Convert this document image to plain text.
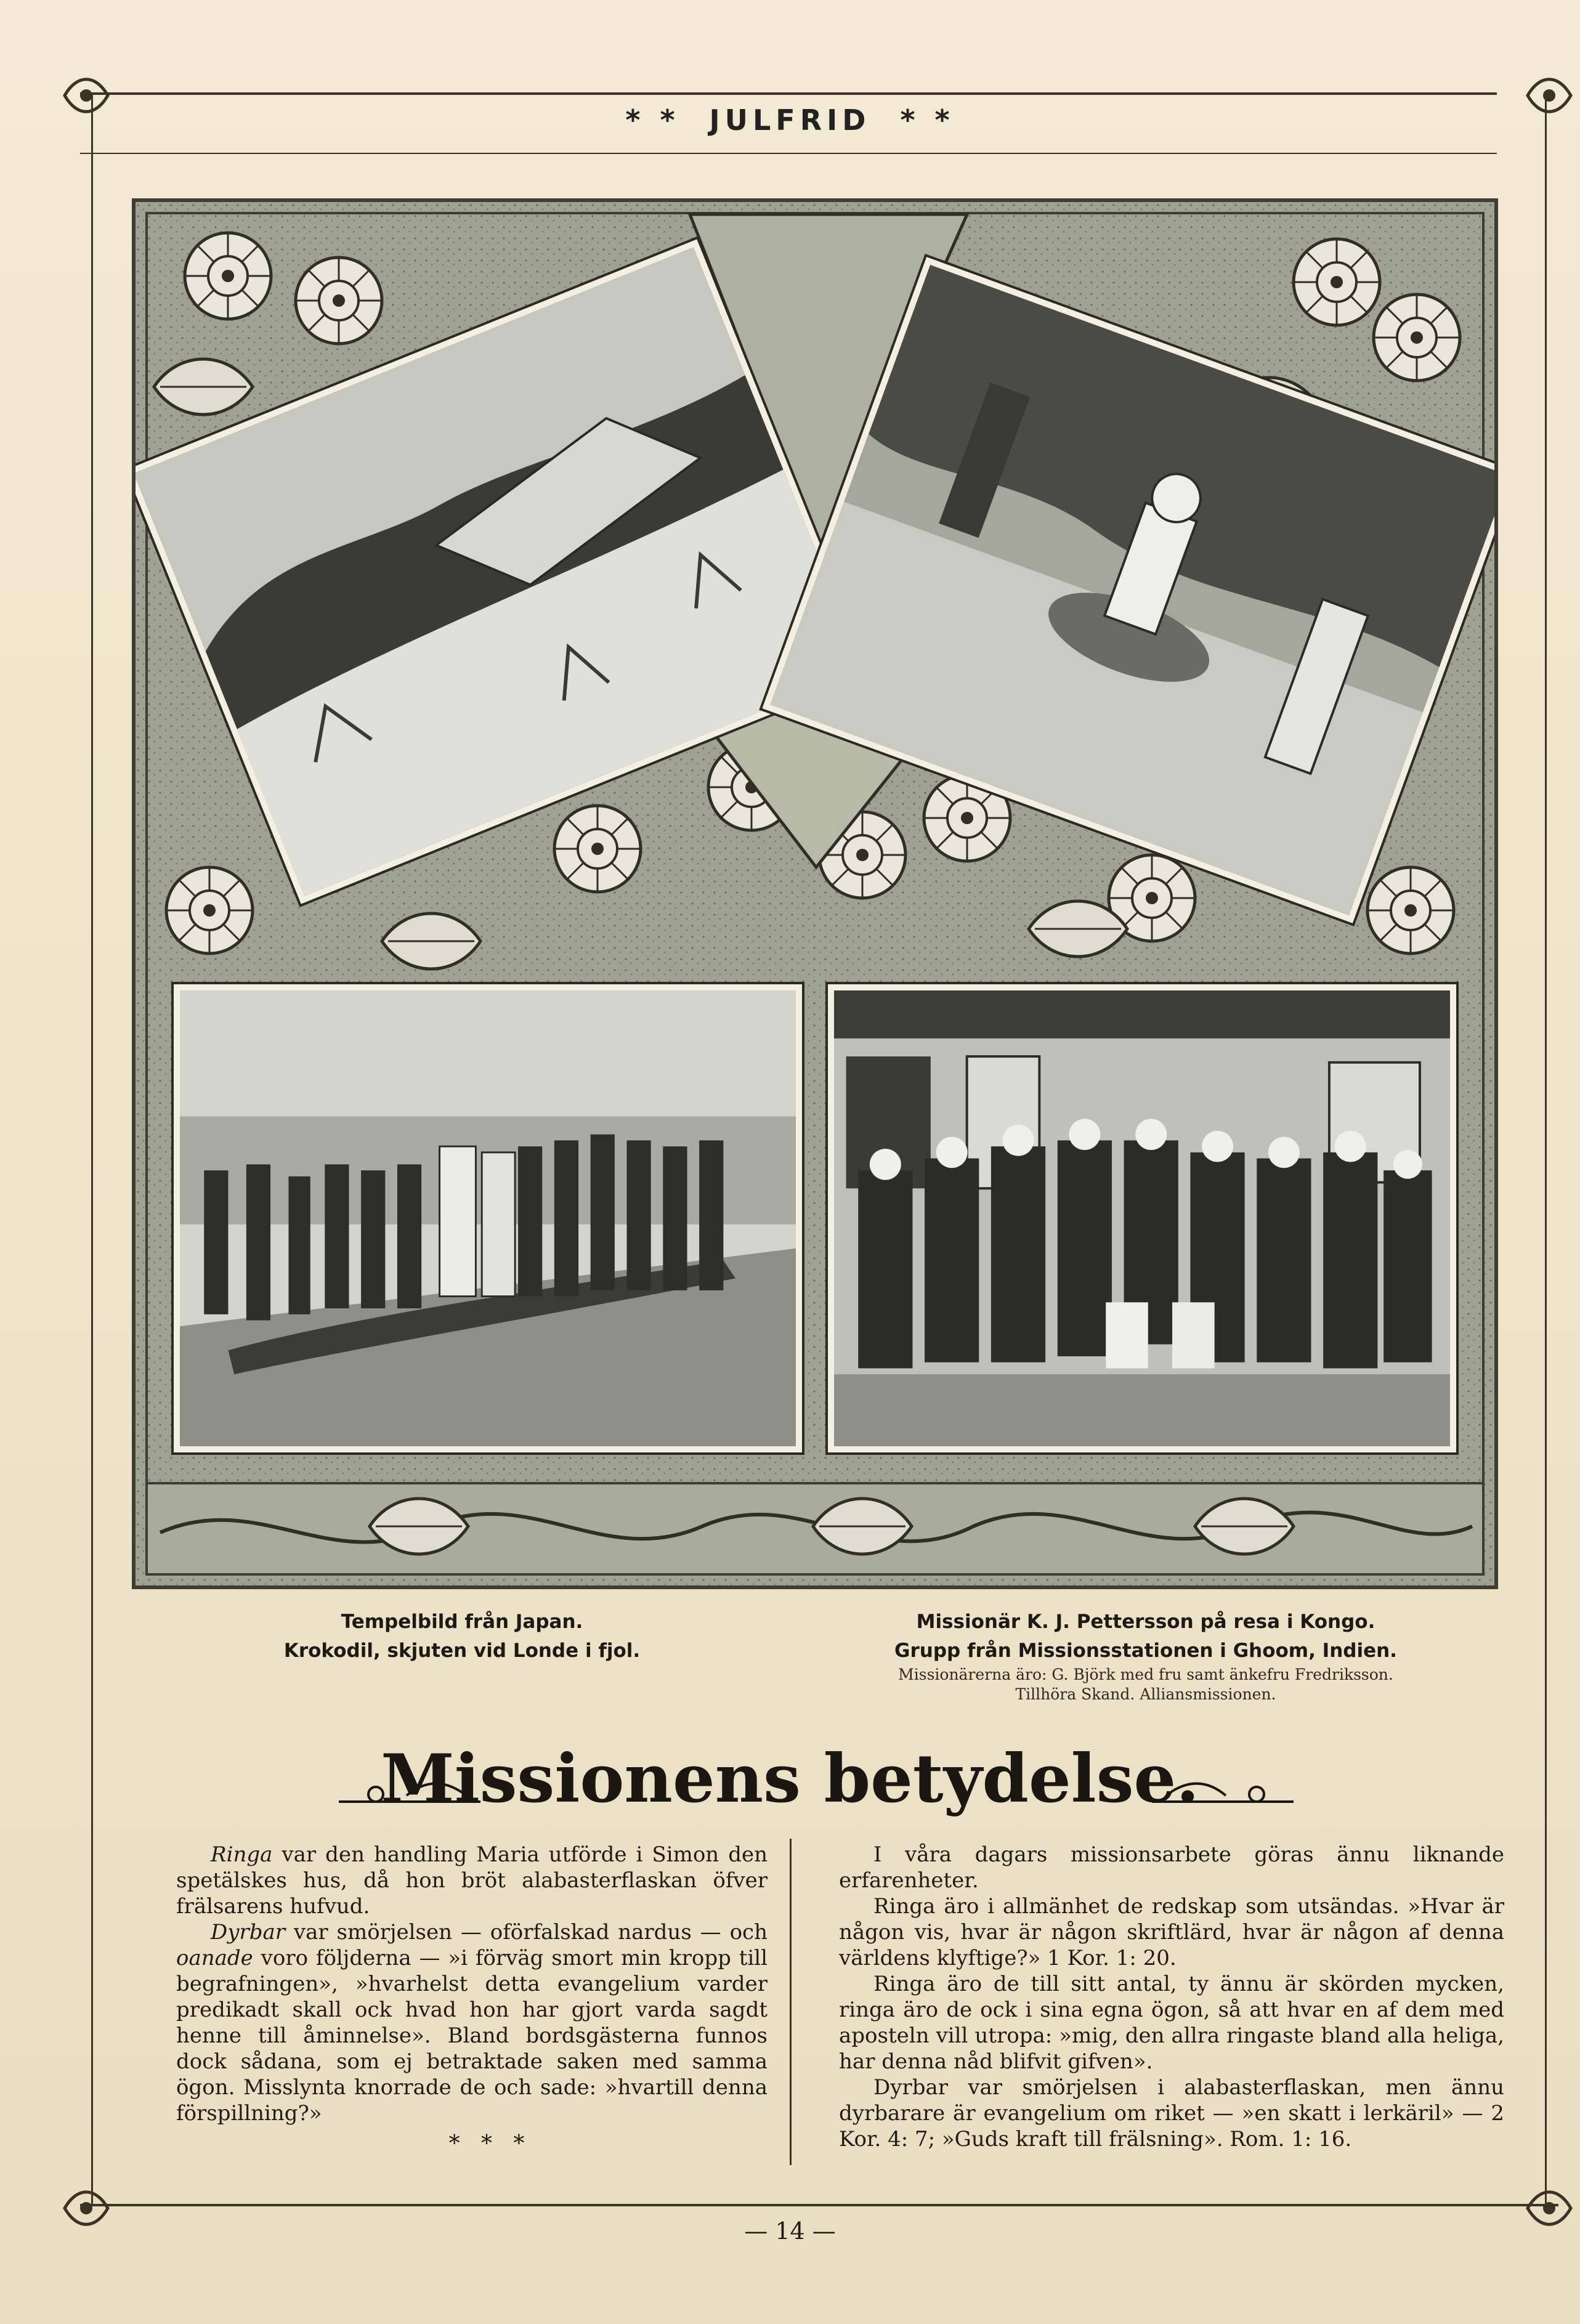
* * JULFRID * *
Tempelbild från Japan.
Krokodil, skjuten vid Londe i fjol.
Missionär K. J. Pettersson på resa i Kongo.
Grupp från Missionsstationen i Ghoom, Indien.
Missionärerna äro: G. Björk med fru samt änkefru Fredriksson.
Tillhöra Skand. Alliansmissionen.
Missionens betydelse.

Ringa var den handling Maria utförde i Simon den spetälskes hus, då hon bröt alabasterflaskan öfver frälsarens hufvud.

Dyrbar var smörjelsen — oförfalskad nardus — och oanade voro följderna — »i förväg smort min kropp till begrafningen», »hvarhelst detta evangelium varder predikadt skall ock hvad hon har gjort varda sagdt henne till åminnelse». Bland bordsgästerna funnos dock sådana, som ej betraktade saken med samma ögon. Misslynta knorrade de och sade: »hvartill denna förspillning?»

*   *   *

I våra dagars missionsarbete göras ännu liknande erfarenheter.

Ringa äro i allmänhet de redskap som utsändas. »Hvar är någon vis, hvar är någon skriftlärd, hvar är någon af denna världens klyftige?» 1 Kor. 1: 20.

Ringa äro de till sitt antal, ty ännu är skörden mycken, ringa äro de ock i sina egna ögon, så att hvar en af dem med aposteln vill utropa: »mig, den allra ringaste bland alla heliga, har denna nåd blifvit gifven».

Dyrbar var smörjelsen i alabasterflaskan, men ännu dyrbarare är evangelium om riket — »en skatt i lerkäril» — 2 Kor. 4: 7; »Guds kraft till frälsning». Rom. 1: 16.

— 14 —
